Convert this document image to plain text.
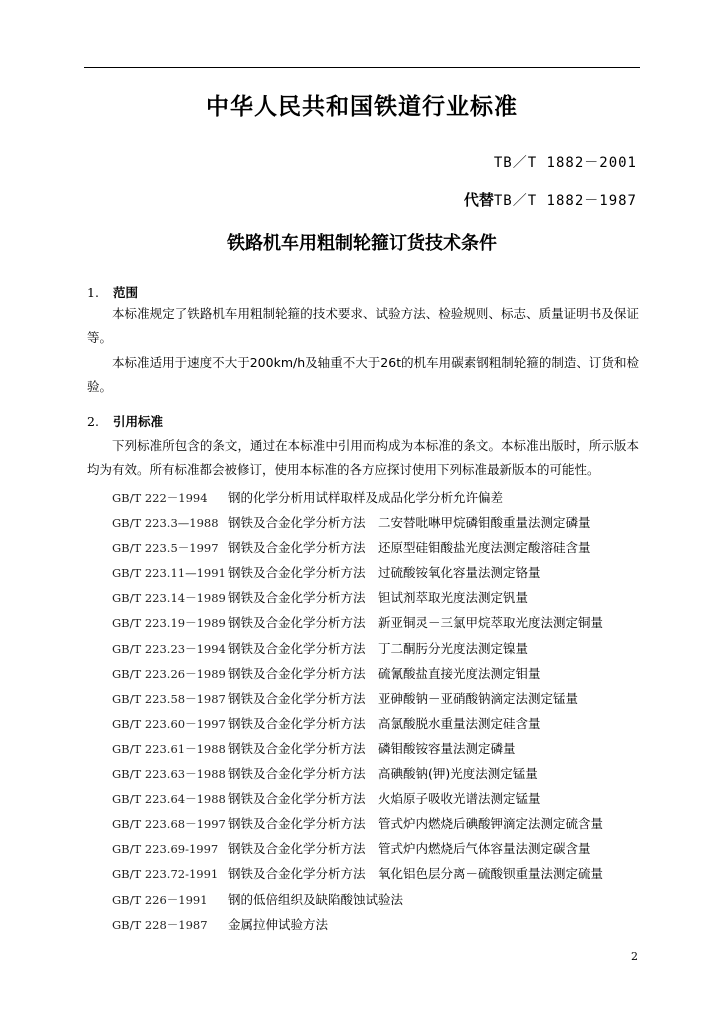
中华人民共和国铁道行业标准
TB／T 1882－2001
代替TB／T 1882－1987
铁路机车用粗制轮箍订货技术条件
1. 范围
本标准规定了铁路机车用粗制轮箍的技术要求、试验方法、检验规则、标志、质量证明书及保证等。
本标准适用于速度不大于200km/h及轴重不大于26t的机车用碳素钢粗制轮箍的制造、订货和检验。
2. 引用标准
下列标准所包含的条文，通过在本标准中引用而构成为本标准的条文。本标准出版时，所示版本均为有效。所有标准都会被修订，使用本标准的各方应探讨使用下列标准最新版本的可能性。
GB/T 222－1994 钢的化学分析用试样取样及成品化学分析允许偏差
GB/T 223.3—1988 钢铁及合金化学分析方法　二安替吡啉甲烷磷钼酸重量法测定磷量
GB/T 223.5－1997 钢铁及合金化学分析方法　还原型硅钼酸盐光度法测定酸溶硅含量
GB/T 223.11—1991 钢铁及合金化学分析方法　过硫酸铵氧化容量法测定铬量
GB/T 223.14－1989 钢铁及合金化学分析方法　钽试剂萃取光度法测定钒量
GB/T 223.19－1989 钢铁及合金化学分析方法　新亚铜灵－三氯甲烷萃取光度法测定铜量
GB/T 223.23－1994 钢铁及合金化学分析方法　丁二酮肟分光度法测定镍量
GB/T 223.26－1989 钢铁及合金化学分析方法　硫氰酸盐直接光度法测定钼量
GB/T 223.58－1987 钢铁及合金化学分析方法　亚砷酸钠－亚硝酸钠滴定法测定锰量
GB/T 223.60－1997 钢铁及合金化学分析方法　高氯酸脱水重量法测定硅含量
GB/T 223.61－1988 钢铁及合金化学分析方法　磷钼酸铵容量法测定磷量
GB/T 223.63－1988 钢铁及合金化学分析方法　高碘酸钠(钾)光度法测定锰量
GB/T 223.64－1988 钢铁及合金化学分析方法　火焰原子吸收光谱法测定锰量
GB/T 223.68－1997 钢铁及合金化学分析方法　管式炉内燃烧后碘酸钾滴定法测定硫含量
GB/T 223.69-1997 钢铁及合金化学分析方法　管式炉内燃烧后气体容量法测定碳含量
GB/T 223.72-1991 钢铁及合金化学分析方法　氧化铝色层分离－硫酸钡重量法测定硫量
GB/T 226－1991 钢的低倍组织及缺陷酸蚀试验法
GB/T 228－1987 金属拉伸试验方法
2
